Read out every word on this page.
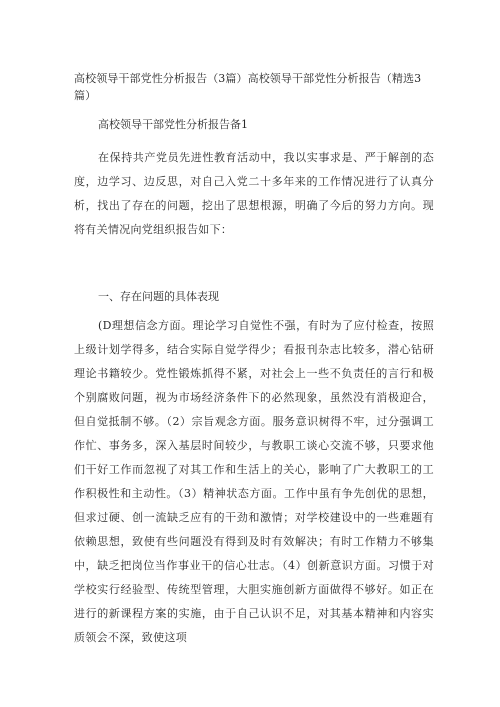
高校领导干部党性分析报告（3篇）高校领导干部党性分析报告（精选3篇）
高校领导干部党性分析报告备1
在保持共产党员先进性教育活动中，我以实事求是、严于解剖的态度，边学习、边反思，对自己入党二十多年来的工作情况进行了认真分析，找出了存在的问题，挖出了思想根源，明确了今后的努力方向。现将有关情况向党组织报告如下：
一、存在问题的具体表现
(D理想信念方面。理论学习自觉性不强，有时为了应付检查，按照上级计划学得多，结合实际自觉学得少；看报刊杂志比较多，潜心钻研理论书籍较少。党性锻炼抓得不紧，对社会上一些不负责任的言行和极个别腐败问题，视为市场经济条件下的必然现象，虽然没有消极迎合，但自觉抵制不够。（2）宗旨观念方面。服务意识树得不牢，过分强调工作忙、事务多，深入基层时间较少，与教职工谈心交流不够，只要求他们干好工作而忽视了对其工作和生活上的关心，影响了广大教职工的工作积极性和主动性。（3）精神状态方面。工作中虽有争先创优的思想，但求过硬、创一流缺乏应有的干劲和激情；对学校建设中的一些难题有依赖思想，致使有些问题没有得到及时有效解决；有时工作精力不够集中，缺乏把岗位当作事业干的信心壮志。（4）创新意识方面。习惯于对学校实行经验型、传统型管理，大胆实施创新方面做得不够好。如正在进行的新课程方案的实施，由于自己认识不足，对其基本精神和内容实质领会不深，致使这项
